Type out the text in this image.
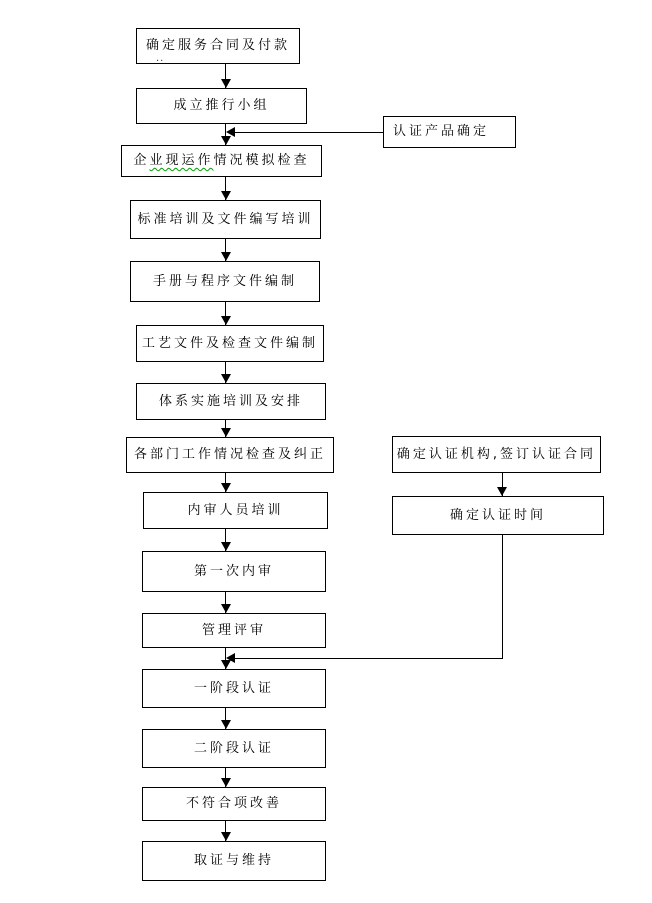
确定服务合同及付款
..
成立推行小组
企业现运作情况模拟检查
标准培训及文件编写培训
手册与程序文件编制
工艺文件及检查文件编制
体系实施培训及安排
各部门工作情况检查及纠正
内审人员培训
第一次内审
管理评审
一阶段认证
二阶段认证
不符合项改善
取证与维持
认证产品确定
确定认证机构,签订认证合同
确定认证时间
